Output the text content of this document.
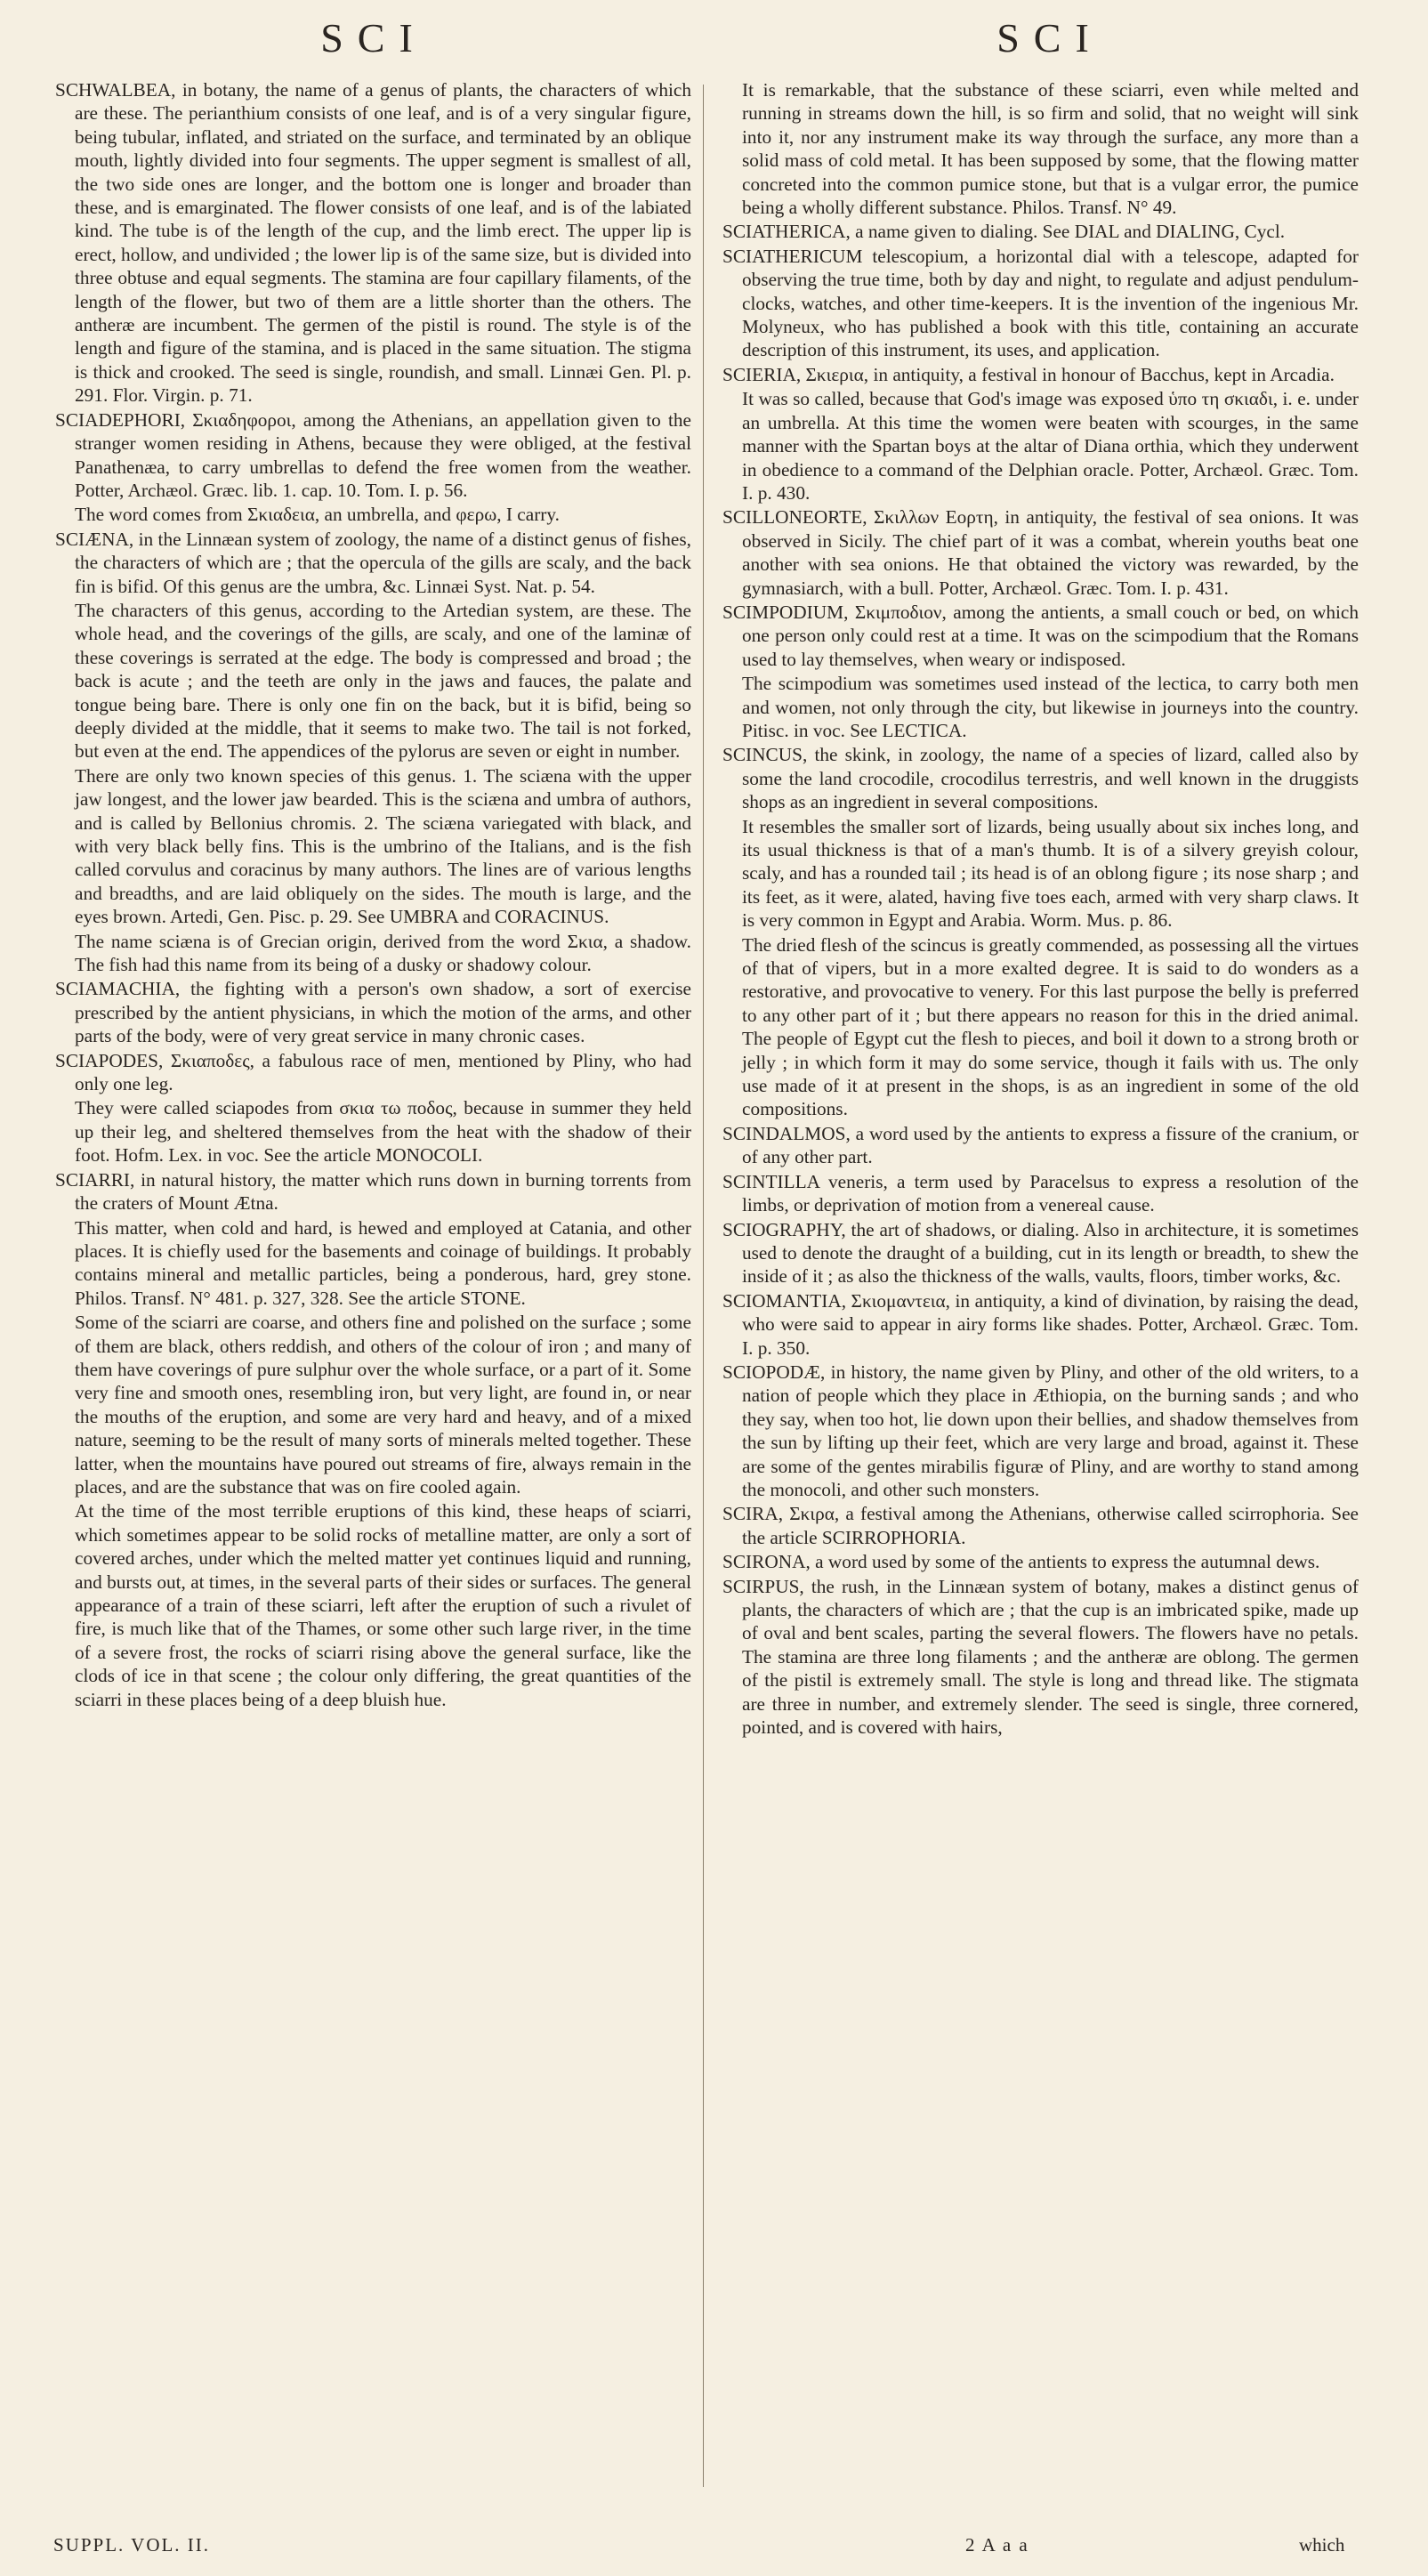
SCI	SCI

SCHWALBEA, in botany, the name of a genus of plants, the characters of which are these. The perianthium consists of one leaf, and is of a very singular figure, being tubular, inflated, and striated on the surface, and terminated by an oblique mouth, lightly divided into four segments. The upper segment is smallest of all, the two side ones are longer, and the bottom one is longer and broader than these, and is emarginated. The flower consists of one leaf, and is of the labiated kind. The tube is of the length of the cup, and the limb erect. The upper lip is erect, hollow, and undivided ; the lower lip is of the same size, but is divided into three obtuse and equal segments. The stamina are four capillary filaments, of the length of the flower, but two of them are a little shorter than the others. The antheræ are incumbent. The germen of the pistil is round. The style is of the length and figure of the stamina, and is placed in the same situation. The stigma is thick and crooked. The seed is single, roundish, and small. Linnæi Gen. Pl. p. 291. Flor. Virgin. p. 71.

SCIADEPHORI, Σκιαδηφοροι, among the Athenians, an appellation given to the stranger women residing in Athens, because they were obliged, at the festival Panathenæa, to carry umbrellas to defend the free women from the weather. Potter, Archæol. Græc. lib. 1. cap. 10. Tom. I. p. 56.

The word comes from Σκιαδεια, an umbrella, and φερω, I carry.

SCIÆNA, in the Linnæan system of zoology, the name of a distinct genus of fishes, the characters of which are ; that the opercula of the gills are scaly, and the back fin is bifid. Of this genus are the umbra, &c. Linnæi Syst. Nat. p. 54.

The characters of this genus, according to the Artedian system, are these. The whole head, and the coverings of the gills, are scaly, and one of the laminæ of these coverings is serrated at the edge. The body is compressed and broad ; the back is acute ; and the teeth are only in the jaws and fauces, the palate and tongue being bare. There is only one fin on the back, but it is bifid, being so deeply divided at the middle, that it seems to make two. The tail is not forked, but even at the end. The appendices of the pylorus are seven or eight in number.

There are only two known species of this genus. 1. The sciæna with the upper jaw longest, and the lower jaw bearded. This is the sciæna and umbra of authors, and is called by Bellonius chromis. 2. The sciæna variegated with black, and with very black belly fins. This is the umbrino of the Italians, and is the fish called corvulus and coracinus by many authors. The lines are of various lengths and breadths, and are laid obliquely on the sides. The mouth is large, and the eyes brown. Artedi, Gen. Pisc. p. 29. See UMBRA and CORACINUS.

The name sciæna is of Grecian origin, derived from the word Σκια, a shadow. The fish had this name from its being of a dusky or shadowy colour.

SCIAMACHIA, the fighting with a person's own shadow, a sort of exercise prescribed by the antient physicians, in which the motion of the arms, and other parts of the body, were of very great service in many chronic cases.

SCIAPODES, Σκιαποδες, a fabulous race of men, mentioned by Pliny, who had only one leg.

They were called sciapodes from σκια τω ποδος, because in summer they held up their leg, and sheltered themselves from the heat with the shadow of their foot. Hofm. Lex. in voc. See the article MONOCOLI.

SCIARRI, in natural history, the matter which runs down in burning torrents from the craters of Mount Ætna.

This matter, when cold and hard, is hewed and employed at Catania, and other places. It is chiefly used for the basements and coinage of buildings. It probably contains mineral and metallic particles, being a ponderous, hard, grey stone. Philos. Transf. N° 481. p. 327, 328. See the article STONE.

Some of the sciarri are coarse, and others fine and polished on the surface ; some of them are black, others reddish, and others of the colour of iron ; and many of them have coverings of pure sulphur over the whole surface, or a part of it. Some very fine and smooth ones, resembling iron, but very light, are found in, or near the mouths of the eruption, and some are very hard and heavy, and of a mixed nature, seeming to be the result of many sorts of minerals melted together. These latter, when the mountains have poured out streams of fire, always remain in the places, and are the substance that was on fire cooled again.

At the time of the most terrible eruptions of this kind, these heaps of sciarri, which sometimes appear to be solid rocks of metalline matter, are only a sort of covered arches, under which the melted matter yet continues liquid and running, and bursts out, at times, in the several parts of their sides or surfaces. The general appearance of a train of these sciarri, left after the eruption of such a rivulet of fire, is much like that of the Thames, or some other such large river, in the time of a severe frost, the rocks of sciarri rising above the general surface, like the clods of ice in that scene ; the colour only differing, the great quantities of the sciarri in these places being of a deep bluish hue.

It is remarkable, that the substance of these sciarri, even while melted and running in streams down the hill, is so firm and solid, that no weight will sink into it, nor any instrument make its way through the surface, any more than a solid mass of cold metal. It has been supposed by some, that the flowing matter concreted into the common pumice stone, but that is a vulgar error, the pumice being a wholly different substance. Philos. Transf. N° 49.

SCIATHERICA, a name given to dialing. See DIAL and DIALING, Cycl.

SCIATHERICUM telescopium, a horizontal dial with a telescope, adapted for observing the true time, both by day and night, to regulate and adjust pendulum-clocks, watches, and other time-keepers. It is the invention of the ingenious Mr. Molyneux, who has published a book with this title, containing an accurate description of this instrument, its uses, and application.

SCIERIA, Σκιερια, in antiquity, a festival in honour of Bacchus, kept in Arcadia.

It was so called, because that God's image was exposed ὑπο τη σκιαδι, i. e. under an umbrella. At this time the women were beaten with scourges, in the same manner with the Spartan boys at the altar of Diana orthia, which they underwent in obedience to a command of the Delphian oracle. Potter, Archæol. Græc. Tom. I. p. 430.

SCILLONEORTE, Σκιλλων Εορτη, in antiquity, the festival of sea onions. It was observed in Sicily. The chief part of it was a combat, wherein youths beat one another with sea onions. He that obtained the victory was rewarded, by the gymnasiarch, with a bull. Potter, Archæol. Græc. Tom. I. p. 431.

SCIMPODIUM, Σκιμποδιον, among the antients, a small couch or bed, on which one person only could rest at a time. It was on the scimpodium that the Romans used to lay themselves, when weary or indisposed.

The scimpodium was sometimes used instead of the lectica, to carry both men and women, not only through the city, but likewise in journeys into the country. Pitisc. in voc. See LECTICA.

SCINCUS, the skink, in zoology, the name of a species of lizard, called also by some the land crocodile, crocodilus terrestris, and well known in the druggists shops as an ingredient in several compositions.

It resembles the smaller sort of lizards, being usually about six inches long, and its usual thickness is that of a man's thumb. It is of a silvery greyish colour, scaly, and has a rounded tail ; its head is of an oblong figure ; its nose sharp ; and its feet, as it were, alated, having five toes each, armed with very sharp claws. It is very common in Egypt and Arabia. Worm. Mus. p. 86.

The dried flesh of the scincus is greatly commended, as possessing all the virtues of that of vipers, but in a more exalted degree. It is said to do wonders as a restorative, and provocative to venery. For this last purpose the belly is preferred to any other part of it ; but there appears no reason for this in the dried animal. The people of Egypt cut the flesh to pieces, and boil it down to a strong broth or jelly ; in which form it may do some service, though it fails with us. The only use made of it at present in the shops, is as an ingredient in some of the old compositions.

SCINDALMOS, a word used by the antients to express a fissure of the cranium, or of any other part.

SCINTILLA veneris, a term used by Paracelsus to express a resolution of the limbs, or deprivation of motion from a venereal cause.

SCIOGRAPHY, the art of shadows, or dialing. Also in architecture, it is sometimes used to denote the draught of a building, cut in its length or breadth, to shew the inside of it ; as also the thickness of the walls, vaults, floors, timber works, &c.

SCIOMANTIA, Σκιομαντεια, in antiquity, a kind of divination, by raising the dead, who were said to appear in airy forms like shades. Potter, Archæol. Græc. Tom. I. p. 350.

SCIOPODÆ, in history, the name given by Pliny, and other of the old writers, to a nation of people which they place in Æthiopia, on the burning sands ; and who they say, when too hot, lie down upon their bellies, and shadow themselves from the sun by lifting up their feet, which are very large and broad, against it. These are some of the gentes mirabilis figuræ of Pliny, and are worthy to stand among the monocoli, and other such monsters.

SCIRA, Σκιρα, a festival among the Athenians, otherwise called scirrophoria. See the article SCIRROPHORIA.

SCIRONA, a word used by some of the antients to express the autumnal dews.

SCIRPUS, the rush, in the Linnæan system of botany, makes a distinct genus of plants, the characters of which are ; that the cup is an imbricated spike, made up of oval and bent scales, parting the several flowers. The flowers have no petals. The stamina are three long filaments ; and the antheræ are oblong. The germen of the pistil is extremely small. The style is long and thread like. The stigmata are three in number, and extremely slender. The seed is single, three cornered, pointed, and is covered with hairs,

SUPPL. VOL. II.	2 A a a	which
